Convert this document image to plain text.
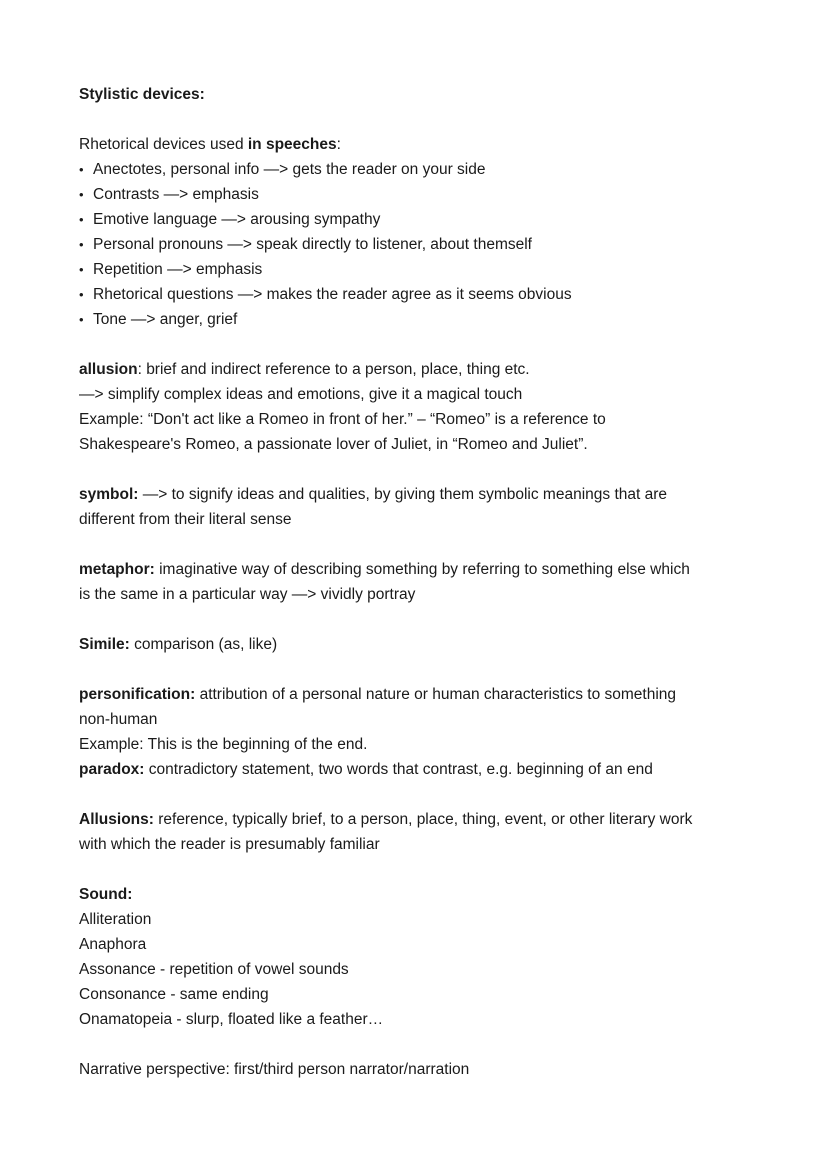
Stylistic devices:
Rhetorical devices used in speeches:
• Anectotes, personal info —> gets the reader on your side
• Contrasts —> emphasis
• Emotive language —> arousing sympathy
• Personal pronouns —> speak directly to listener, about themself
• Repetition —> emphasis
• Rhetorical questions —> makes the reader agree as it seems obvious
• Tone —> anger, grief
allusion: brief and indirect reference to a person, place, thing etc.
—> simplify complex ideas and emotions, give it a magical touch
Example: “Don't act like a Romeo in front of her.” – “Romeo” is a reference to
Shakespeare's Romeo, a passionate lover of Juliet, in “Romeo and Juliet”.
symbol: —> to signify ideas and qualities, by giving them symbolic meanings that are
different from their literal sense
metaphor: imaginative way of describing something by referring to something else which
is the same in a particular way —> vividly portray
Simile: comparison (as, like)
personification: attribution of a personal nature or human characteristics to something
non-human
Example: This is the beginning of the end.
paradox: contradictory statement, two words that contrast, e.g. beginning of an end
Allusions: reference, typically brief, to a person, place, thing, event, or other literary work
with which the reader is presumably familiar
Sound:
Alliteration
Anaphora
Assonance - repetition of vowel sounds
Consonance - same ending
Onamatopeia - slurp, floated like a feather…
Narrative perspective: first/third person narrator/narration
